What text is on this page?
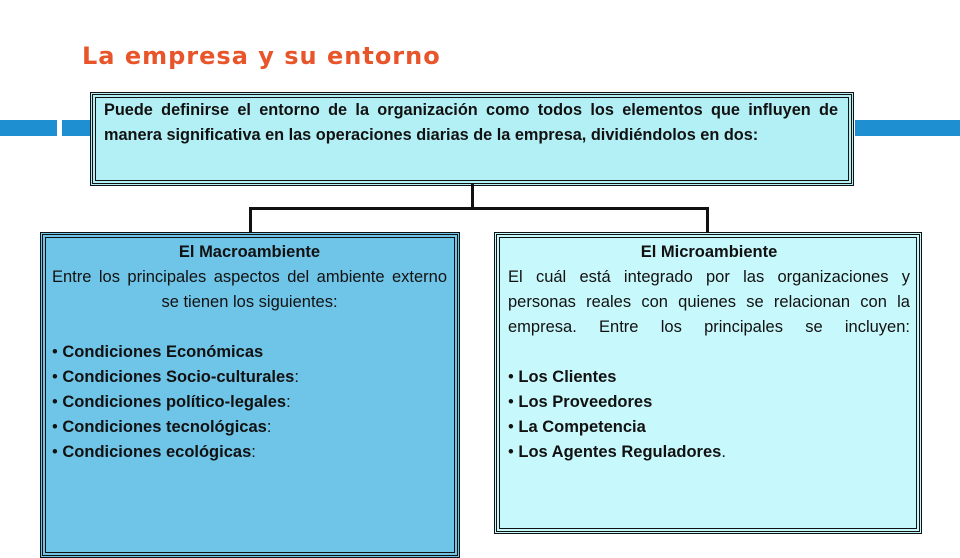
La empresa y su entorno
Puede definirse el entorno de la organización como todos los elementos que influyen de manera significativa en las operaciones diarias de la empresa, dividiéndolos en dos:
El Macroambiente
Entre los principales aspectos del ambiente externo se tienen los siguientes:
• Condiciones Económicas
• Condiciones Socio-culturales:
• Condiciones político-legales:
• Condiciones tecnológicas:
• Condiciones ecológicas:
El Microambiente
El cuál está integrado por las organizaciones y personas reales con quienes se relacionan con la empresa. Entre los principales se incluyen:
• Los Clientes
• Los Proveedores
• La Competencia
• Los Agentes Reguladores.
